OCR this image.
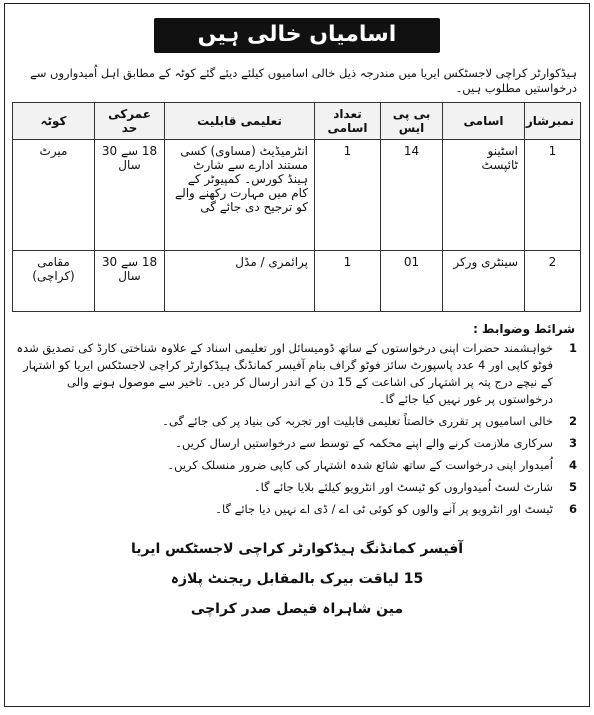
اسامیاں خالی ہیں
ہیڈکوارٹر کراچی لاجسٹکس ایریا میں مندرجہ ذیل خالی اسامیوں کیلئے دیئے گئے کوٹہ کے مطابق اہل اُمیدواروں سے درخواستیں مطلوب ہیں۔
نمبرشار	اسامی	بی پی ایس	تعداد اسامی	تعلیمی قابلیت	عمرکی حد	کوٹہ
1	اسٹینو ٹائپسٹ	14	1	انٹرمیڈیٹ (مساوی) کسی مستند ادارے سے شارٹ ہینڈ کورس۔ کمپیوٹر کے کام میں مہارت رکھنے والے کو ترجیح دی جائے گی	18 سے 30 سال	میرٹ
2	سینٹری ورکر	01	1	پرائمری / مڈل	18 سے 30 سال	مقامی (کراچی)
شرائط وضوابط :
1
خواہشمند حضرات اپنی درخواستوں کے ساتھ ڈومیسائل اور تعلیمی اسناد کے علاوہ شناختی کارڈ کی تصدیق شدہ فوٹو کاپی اور 4 عدد پاسپورٹ سائز فوٹو گراف بنام آفیسر کمانڈنگ ہیڈکوارٹر کراچی لاجسٹکس ایریا کو اشتہار کے نیچے درج پتہ پر اشتہار کی اشاعت کے 15 دن کے اندر ارسال کر دیں۔ تاخیر سے موصول ہونے والی درخواستوں پر غور نہیں کیا جائے گا۔
2
خالی اسامیوں پر تقرری خالصتاً تعلیمی قابلیت اور تجربہ کی بنیاد پر کی جائے گی۔
3
سرکاری ملازمت کرنے والے اپنے محکمہ کے توسط سے درخواستیں ارسال کریں۔
4
اُمیدوار اپنی درخواست کے ساتھ شائع شدہ اشتہار کی کاپی ضرور منسلک کریں۔
5
شارٹ لسٹ اُمیدواروں کو ٹیسٹ اور انٹرویو کیلئے بلایا جائے گا۔
6
ٹیسٹ اور انٹرویو پر آنے والوں کو کوئی ٹی اے / ڈی اے نہیں دیا جائے گا۔
آفیسر کمانڈنگ ہیڈکوارٹر کراچی لاجسٹکس ایریا
15 لیاقت بیرک بالمقابل ریجنٹ پلازہ
مین شاہراہ فیصل صدر کراچی
